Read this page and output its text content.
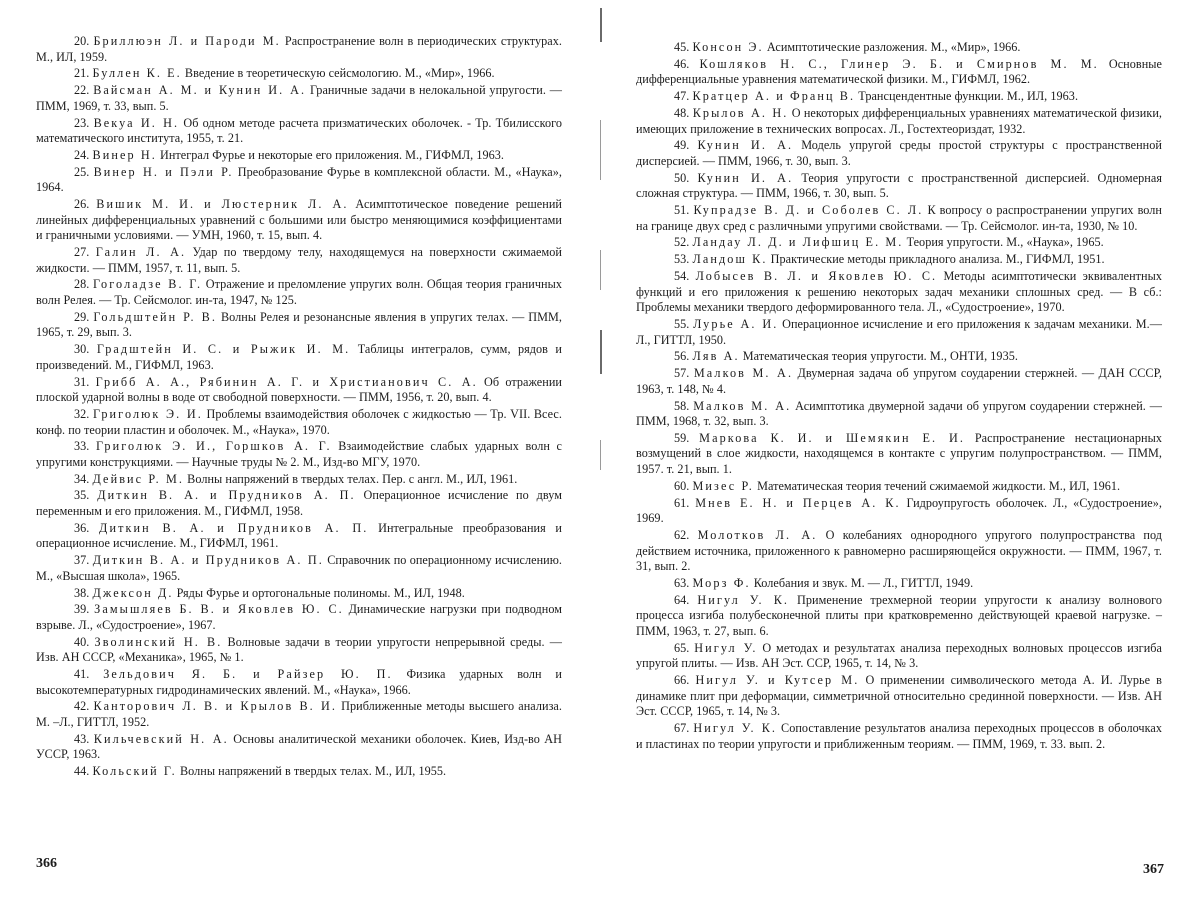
20. Бриллюэн Л. и Пароди М. Распространение волн в периодических структурах. М., ИЛ, 1959.
21. Буллен К. Е. Введение в теоретическую сейсмологию. М., «Мир», 1966.
22. Вайсман А. М. и Кунин И. А. Граничные задачи в нелокальной упругости. — ПММ, 1969, т. 33, вып. 5.
23. Векуа И. Н. Об одном методе расчета призматических оболочек. - Тр. Тбилисского математического института, 1955, т. 21.
24. Винер Н. Интеграл Фурье и некоторые его приложения. М., ГИФМЛ, 1963.
25. Винер Н. и Пэли Р. Преобразование Фурье в комплексной области. М., «Наука», 1964.
26. Вишик М. И. и Люстерник Л. А. Асимптотическое поведение решений линейных дифференциальных уравнений с большими или быстро меняющимися коэффициентами и граничными условиями. — УМН, 1960, т. 15, вып. 4.
27. Галин Л. А. Удар по твердому телу, находящемуся на поверхности сжимаемой жидкости. — ПММ, 1957, т. 11, вып. 5.
28. Гоголадзе В. Г. Отражение и преломление упругих волн. Общая теория граничных волн Релея. — Тр. Сейсмолог. ин-та, 1947, № 125.
29. Гольдштейн Р. В. Волны Релея и резонансные явления в упругих телах. — ПММ, 1965, т. 29, вып. 3.
30. Градштейн И. С. и Рыжик И. М. Таблицы интегралов, сумм, рядов и произведений. М., ГИФМЛ, 1963.
31. Грибб А. А., Рябинин А. Г. и Христианович С. А. Об отражении плоской ударной волны в воде от свободной поверхности. — ПММ, 1956, т. 20, вып. 4.
32. Григолюк Э. И. Проблемы взаимодействия оболочек с жидкостью — Тр. VII. Всес. конф. по теории пластин и оболочек. М., «Наука», 1970.
33. Григолюк Э. И., Горшков А. Г. Взаимодействие слабых ударных волн с упругими конструкциями. — Научные труды № 2. М., Изд-во МГУ, 1970.
34. Дейвис Р. М. Волны напряжений в твердых телах. Пер. с англ. М., ИЛ, 1961.
35. Диткин В. А. и Прудников А. П. Операционное исчисление по двум переменным и его приложения. М., ГИФМЛ, 1958.
36. Диткин В. А. и Прудников А. П. Интегральные преобразования и операционное исчисление. М., ГИФМЛ, 1961.
37. Диткин В. А. и Прудников А. П. Справочник по операционному исчислению. М., «Высшая школа», 1965.
38. Джексон Д. Ряды Фурье и ортогональные полиномы. М., ИЛ, 1948.
39. Замышляев Б. В. и Яковлев Ю. С. Динамические нагрузки при подводном взрыве. Л., «Судостроение», 1967.
40. Зволинский Н. В. Волновые задачи в теории упругости непрерывной среды. — Изв. АН СССР, «Механика», 1965, № 1.
41. Зельдович Я. Б. и Райзер Ю. П. Физика ударных волн и высокотемпературных гидродинамических явлений. М., «Наука», 1966.
42. Канторович Л. В. и Крылов В. И. Приближенные методы высшего анализа. М. –Л., ГИТТЛ, 1952.
43. Кильчевский Н. А. Основы аналитической механики оболочек. Киев, Изд-во АН УССР, 1963.
44. Кольский Г. Волны напряжений в твердых телах. М., ИЛ, 1955.
366
45. Консон Э. Асимптотические разложения. М., «Мир», 1966.
46. Кошляков Н. С., Глинер Э. Б. и Смирнов М. М. Основные дифференциальные уравнения математической физики. М., ГИФМЛ, 1962.
47. Кратцер А. и Франц В. Трансцендентные функции. М., ИЛ, 1963.
48. Крылов А. Н. О некоторых дифференциальных уравнениях математической физики, имеющих приложение в технических вопросах. Л., Гостехтеориздат, 1932.
49. Кунин И. А. Модель упругой среды простой структуры с пространственной дисперсией. — ПММ, 1966, т. 30, вып. 3.
50. Кунин И. А. Теория упругости с пространственной дисперсией. Одномерная сложная структура. — ПММ, 1966, т. 30, вып. 5.
51. Купрадзе В. Д. и Соболев С. Л. К вопросу о распространении упругих волн на границе двух сред с различными упругими свойствами. — Тр. Сейсмолог. ин-та, 1930, № 10.
52. Ландау Л. Д. и Лифшиц Е. М. Теория упругости. М., «Наука», 1965.
53. Ландош К. Практические методы прикладного анализа. М., ГИФМЛ, 1951.
54. Лобысев В. Л. и Яковлев Ю. С. Методы асимптотически эквивалентных функций и его приложения к решению некоторых задач механики сплошных сред. — В сб.: Проблемы механики твердого деформированного тела. Л., «Судостроение», 1970.
55. Лурье А. И. Операционное исчисление и его приложения к задачам механики. М.—Л., ГИТТЛ, 1950.
56. Ляв А. Математическая теория упругости. М., ОНТИ, 1935.
57. Малков М. А. Двумерная задача об упругом соударении стержней. — ДАН СССР, 1963, т. 148, № 4.
58. Малков М. А. Асимптотика двумерной задачи об упругом соударении стержней. — ПММ, 1968, т. 32, вып. 3.
59. Маркова К. И. и Шемякин Е. И. Распространение нестационарных возмущений в слое жидкости, находящемся в контакте с упругим полупространством. — ПММ, 1957. т. 21, вып. 1.
60. Мизес Р. Математическая теория течений сжимаемой жидкости. М., ИЛ, 1961.
61. Мнев Е. Н. и Перцев А. К. Гидроупругость оболочек. Л., «Судостроение», 1969.
62. Молотков Л. А. О колебаниях однородного упругого полупространства под действием источника, приложенного к равномерно расширяющейся окружности. — ПММ, 1967, т. 31, вып. 2.
63. Морз Ф. Колебания и звук. М. — Л., ГИТТЛ, 1949.
64. Нигул У. К. Применение трехмерной теории упругости к анализу волнового процесса изгиба полубесконечной плиты при кратковременно действующей краевой нагрузке. – ПММ, 1963, т. 27, вып. 6.
65. Нигул У. О методах и результатах анализа переходных волновых процессов изгиба упругой плиты. — Изв. АН Эст. ССР, 1965, т. 14, № 3.
66. Нигул У. и Кутсер М. О применении символического метода А. И. Лурье в динамике плит при деформации, симметричной относительно срединной поверхности. — Изв. АН Эст. СССР, 1965, т. 14, № 3.
67. Нигул У. К. Сопоставление результатов анализа переходных процессов в оболочках и пластинах по теории упругости и приближенным теориям. — ПММ, 1969, т. 33. вып. 2.
367
